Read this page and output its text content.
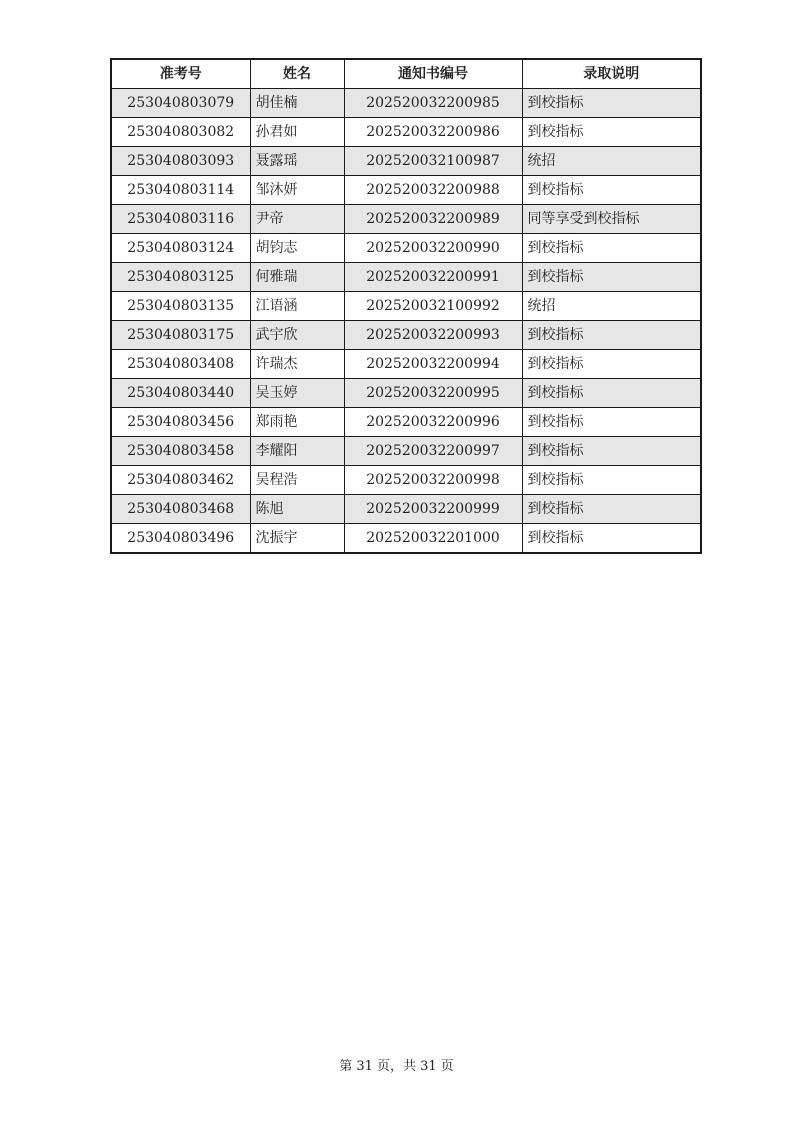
准考号	姓名	通知书编号	录取说明
253040803079	胡佳楠	202520032200985	到校指标
253040803082	孙君如	202520032200986	到校指标
253040803093	聂露瑶	202520032100987	统招
253040803114	邹沐妍	202520032200988	到校指标
253040803116	尹帝	202520032200989	同等享受到校指标
253040803124	胡钧志	202520032200990	到校指标
253040803125	何雅瑞	202520032200991	到校指标
253040803135	江语涵	202520032100992	统招
253040803175	武宇欣	202520032200993	到校指标
253040803408	许瑞杰	202520032200994	到校指标
253040803440	吴玉婷	202520032200995	到校指标
253040803456	郑雨艳	202520032200996	到校指标
253040803458	李耀阳	202520032200997	到校指标
253040803462	吴程浩	202520032200998	到校指标
253040803468	陈旭	202520032200999	到校指标
253040803496	沈振宇	202520032201000	到校指标
第 31 页，共 31 页
